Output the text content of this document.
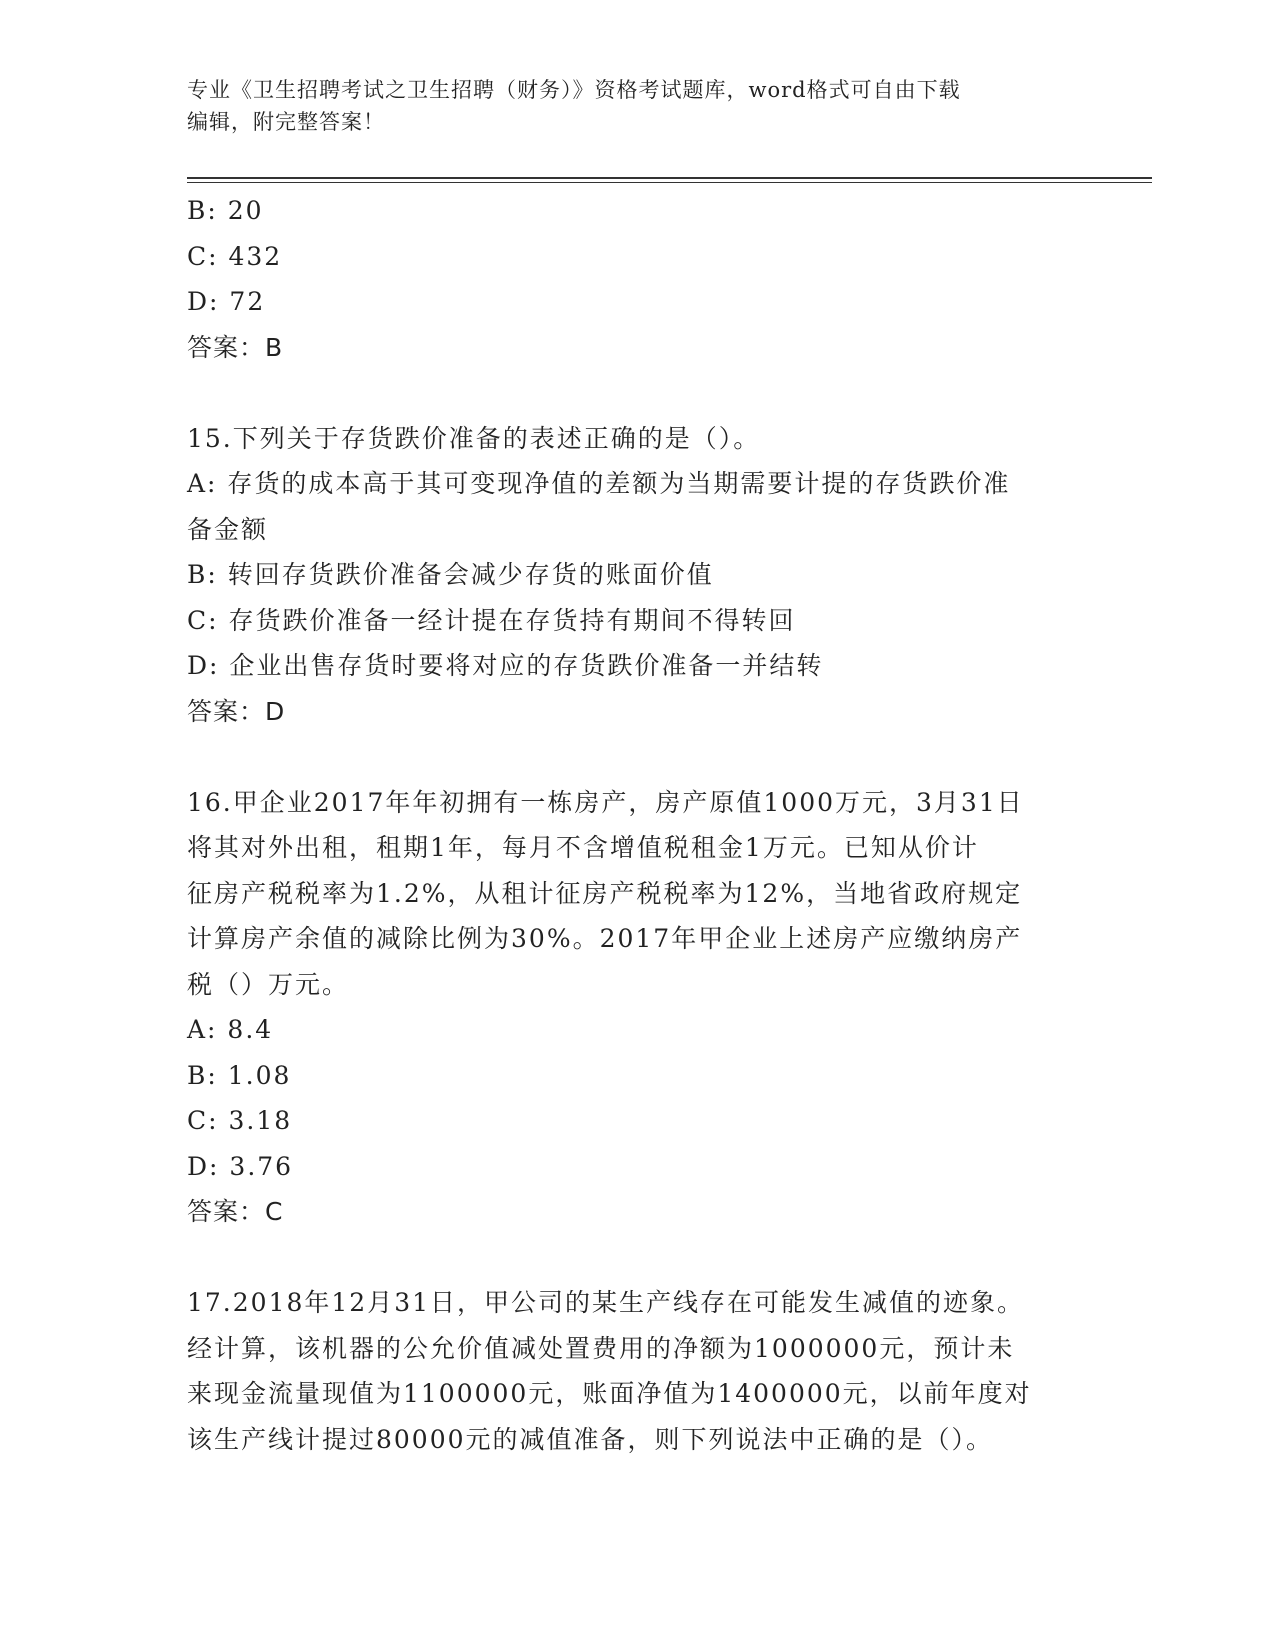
专业《卫生招聘考试之卫生招聘（财务）》资格考试题库，word格式可自由下载
编辑，附完整答案！
B: 20
C: 432
D: 72
答案：B
15.下列关于存货跌价准备的表述正确的是（）。
A: 存货的成本高于其可变现净值的差额为当期需要计提的存货跌价准
备金额
B: 转回存货跌价准备会减少存货的账面价值
C: 存货跌价准备一经计提在存货持有期间不得转回
D: 企业出售存货时要将对应的存货跌价准备一并结转
答案：D
16.甲企业2017年年初拥有一栋房产，房产原值1000万元，3月31日
将其对外出租，租期1年，每月不含增值税租金1万元。已知从价计
征房产税税率为1.2%，从租计征房产税税率为12%，当地省政府规定
计算房产余值的减除比例为30%。2017年甲企业上述房产应缴纳房产
税（）万元。
A: 8.4
B: 1.08
C: 3.18
D: 3.76
答案：C
17.2018年12月31日，甲公司的某生产线存在可能发生减值的迹象。
经计算，该机器的公允价值减处置费用的净额为1000000元，预计未
来现金流量现值为1100000元，账面净值为1400000元，以前年度对
该生产线计提过80000元的减值准备，则下列说法中正确的是（）。
